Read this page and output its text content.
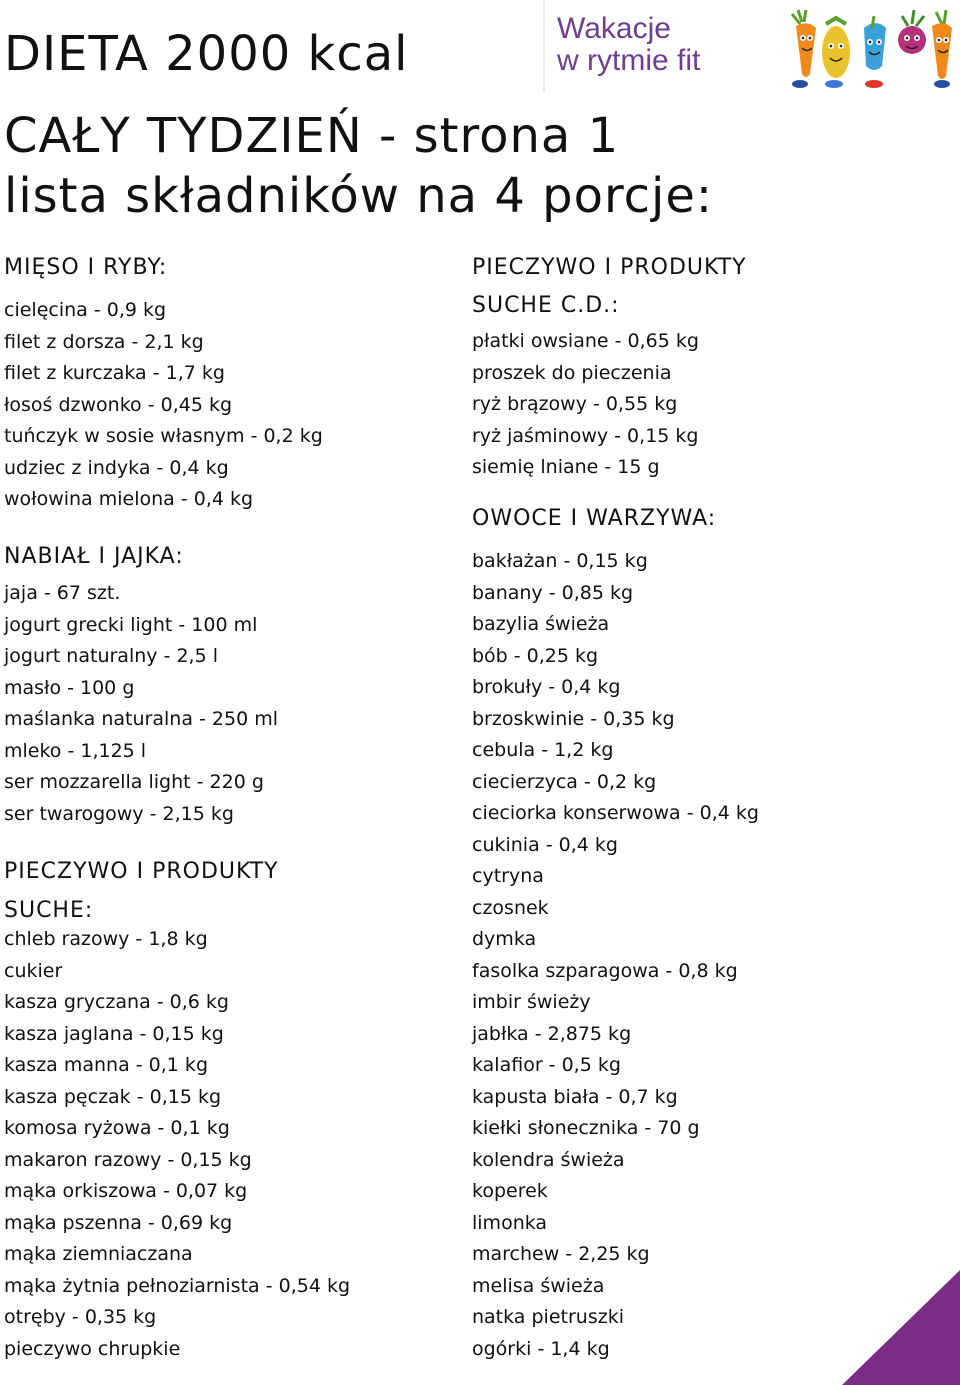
DIETA 2000 kcal
CAŁY TYDZIEŃ - strona 1
lista składników na 4 porcje:
Wakacje
w rytmie fit
MIĘSO I RYBY:
cielęcina - 0,9 kg
filet z dorsza - 2,1 kg
filet z kurczaka - 1,7 kg
łosoś dzwonko - 0,45 kg
tuńczyk w sosie własnym - 0,2 kg
udziec z indyka - 0,4 kg
wołowina mielona - 0,4 kg
NABIAŁ I JAJKA:
jaja - 67 szt.
jogurt grecki light - 100 ml
jogurt naturalny - 2,5 l
masło - 100 g
maślanka naturalna - 250 ml
mleko - 1,125 l
ser mozzarella light - 220 g
ser twarogowy - 2,15 kg
PIECZYWO I PRODUKTY
SUCHE:
chleb razowy - 1,8 kg
cukier
kasza gryczana - 0,6 kg
kasza jaglana - 0,15 kg
kasza manna - 0,1 kg
kasza pęczak - 0,15 kg
komosa ryżowa - 0,1 kg
makaron razowy - 0,15 kg
mąka orkiszowa - 0,07 kg
mąka pszenna - 0,69 kg
mąka ziemniaczana
mąka żytnia pełnoziarnista - 0,54 kg
otręby - 0,35 kg
pieczywo chrupkie
PIECZYWO I PRODUKTY
SUCHE C.D.:
płatki owsiane - 0,65 kg
proszek do pieczenia
ryż brązowy - 0,55 kg
ryż jaśminowy - 0,15 kg
siemię lniane - 15 g
OWOCE I WARZYWA:
bakłażan - 0,15 kg
banany - 0,85 kg
bazylia świeża
bób - 0,25 kg
brokuły - 0,4 kg
brzoskwinie - 0,35 kg
cebula - 1,2 kg
ciecierzyca - 0,2 kg
cieciorka konserwowa - 0,4 kg
cukinia - 0,4 kg
cytryna
czosnek
dymka
fasolka szparagowa - 0,8 kg
imbir świeży
jabłka - 2,875 kg
kalafior - 0,5 kg
kapusta biała - 0,7 kg
kiełki słonecznika - 70 g
kolendra świeża
koperek
limonka
marchew - 2,25 kg
melisa świeża
natka pietruszki
ogórki - 1,4 kg
